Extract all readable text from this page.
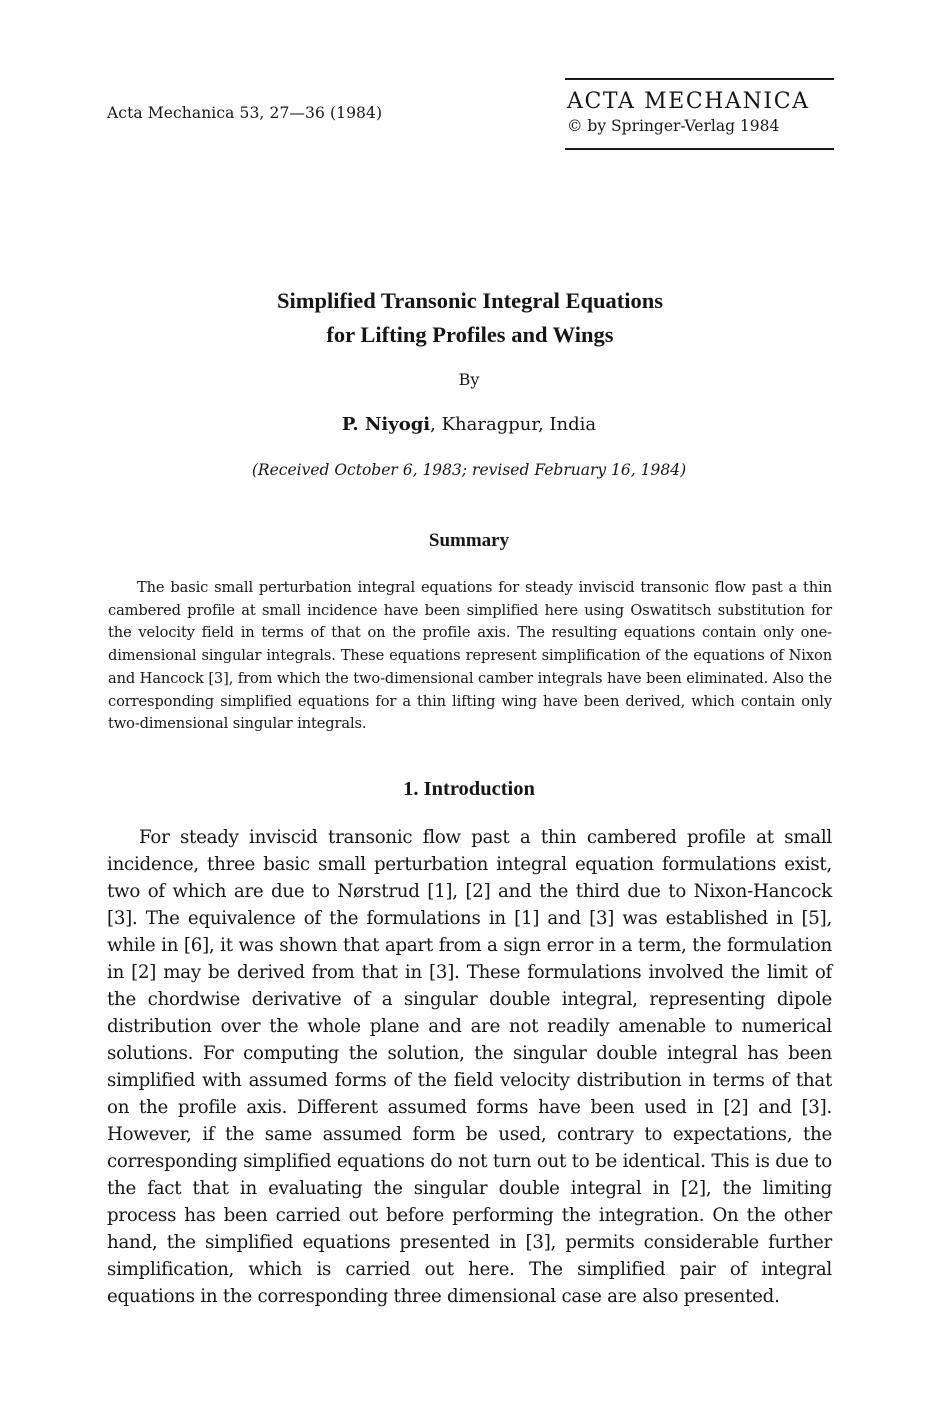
Acta Mechanica 53, 27—36 (1984)	ACTA MECHANICA
© by Springer-Verlag 1984
Simplified Transonic Integral Equations
for Lifting Profiles and Wings
By
P. Niyogi, Kharagpur, India
(Received October 6, 1983; revised February 16, 1984)
Summary
The basic small perturbation integral equations for steady inviscid transonic flow past a thin cambered profile at small incidence have been simplified here using Oswatitsch substitution for the velocity field in terms of that on the profile axis. The resulting equations contain only one-dimensional singular integrals. These equations represent simplification of the equations of Nixon and Hancock [3], from which the two-dimensional camber integrals have been eliminated. Also the corresponding simplified equations for a thin lifting wing have been derived, which contain only two-dimensional singular integrals.
1. Introduction
For steady inviscid transonic flow past a thin cambered profile at small incidence, three basic small perturbation integral equation formulations exist, two of which are due to Nørstrud [1], [2] and the third due to Nixon-Hancock [3]. The equivalence of the formulations in [1] and [3] was established in [5], while in [6], it was shown that apart from a sign error in a term, the formulation in [2] may be derived from that in [3]. These formulations involved the limit of the chordwise derivative of a singular double integral, representing dipole distribution over the whole plane and are not readily amenable to numerical solutions. For computing the solution, the singular double integral has been simplified with assumed forms of the field velocity distribution in terms of that on the profile axis. Different assumed forms have been used in [2] and [3]. However, if the same assumed form be used, contrary to expectations, the corresponding simplified equations do not turn out to be identical. This is due to the fact that in evaluating the singular double integral in [2], the limiting process has been carried out before performing the integration. On the other hand, the simplified equations presented in [3], permits considerable further simplification, which is carried out here. The simplified pair of integral equations in the corresponding three dimensional case are also presented.
